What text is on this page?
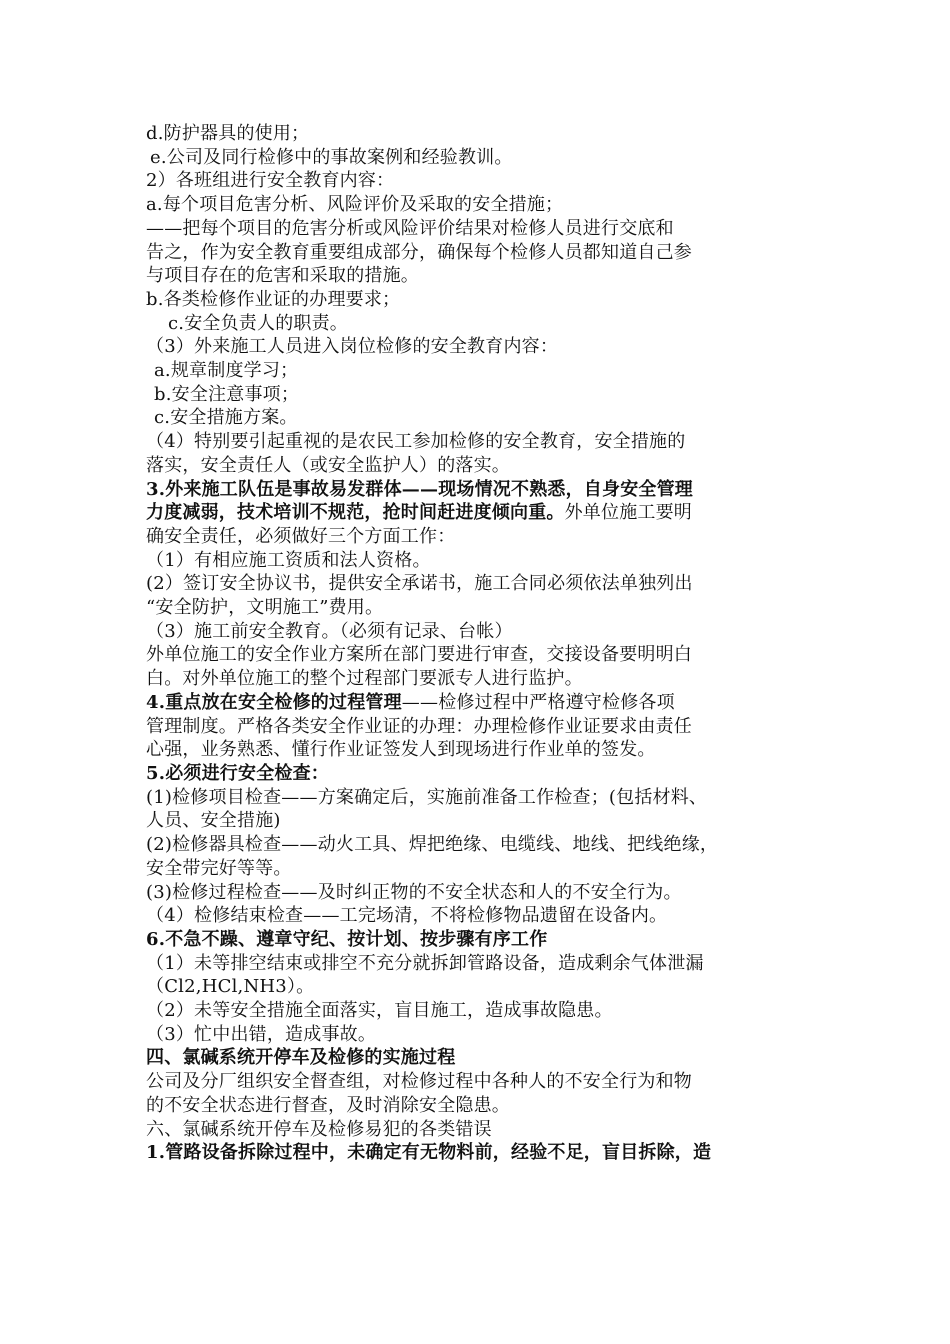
d.防护器具的使用；
e.公司及同行检修中的事故案例和经验教训。
2）各班组进行安全教育内容：
a.每个项目危害分析、风险评价及采取的安全措施；
——把每个项目的危害分析或风险评价结果对检修人员进行交底和
告之，作为安全教育重要组成部分，确保每个检修人员都知道自己参
与项目存在的危害和采取的措施。
b.各类检修作业证的办理要求；
c.安全负责人的职责。
（3）外来施工人员进入岗位检修的安全教育内容：
a.规章制度学习；
b.安全注意事项；
c.安全措施方案。
（4）特别要引起重视的是农民工参加检修的安全教育，安全措施的
落实，安全责任人（或安全监护人）的落实。
3.外来施工队伍是事故易发群体——现场情况不熟悉，自身安全管理
力度减弱，技术培训不规范，抢时间赶进度倾向重。外单位施工要明
确安全责任，必须做好三个方面工作：
（1）有相应施工资质和法人资格。
(2）签订安全协议书，提供安全承诺书，施工合同必须依法单独列出
“安全防护，文明施工”费用。
（3）施工前安全教育。（必须有记录、台帐）
外单位施工的安全作业方案所在部门要进行审查，交接设备要明明白
白。对外单位施工的整个过程部门要派专人进行监护。
4.重点放在安全检修的过程管理——检修过程中严格遵守检修各项
管理制度。严格各类安全作业证的办理：办理检修作业证要求由责任
心强，业务熟悉、懂行作业证签发人到现场进行作业单的签发。
5.必须进行安全检查：
(1)检修项目检查——方案确定后，实施前准备工作检查；(包括材料、
人员、安全措施)
(2)检修器具检查——动火工具、焊把绝缘、电缆线、地线、把线绝缘，
安全带完好等等。
(3)检修过程检查——及时纠正物的不安全状态和人的不安全行为。
（4）检修结束检查——工完场清，不将检修物品遗留在设备内。
6.不急不躁、遵章守纪、按计划、按步骤有序工作
（1）未等排空结束或排空不充分就拆卸管路设备，造成剩余气体泄漏
（Cl2,HCl,NH3）。
（2）未等安全措施全面落实，盲目施工，造成事故隐患。
（3）忙中出错，造成事故。
四、氯碱系统开停车及检修的实施过程
公司及分厂组织安全督查组，对检修过程中各种人的不安全行为和物
的不安全状态进行督查，及时消除安全隐患。
六、氯碱系统开停车及检修易犯的各类错误
1.管路设备拆除过程中，未确定有无物料前，经验不足，盲目拆除，造
